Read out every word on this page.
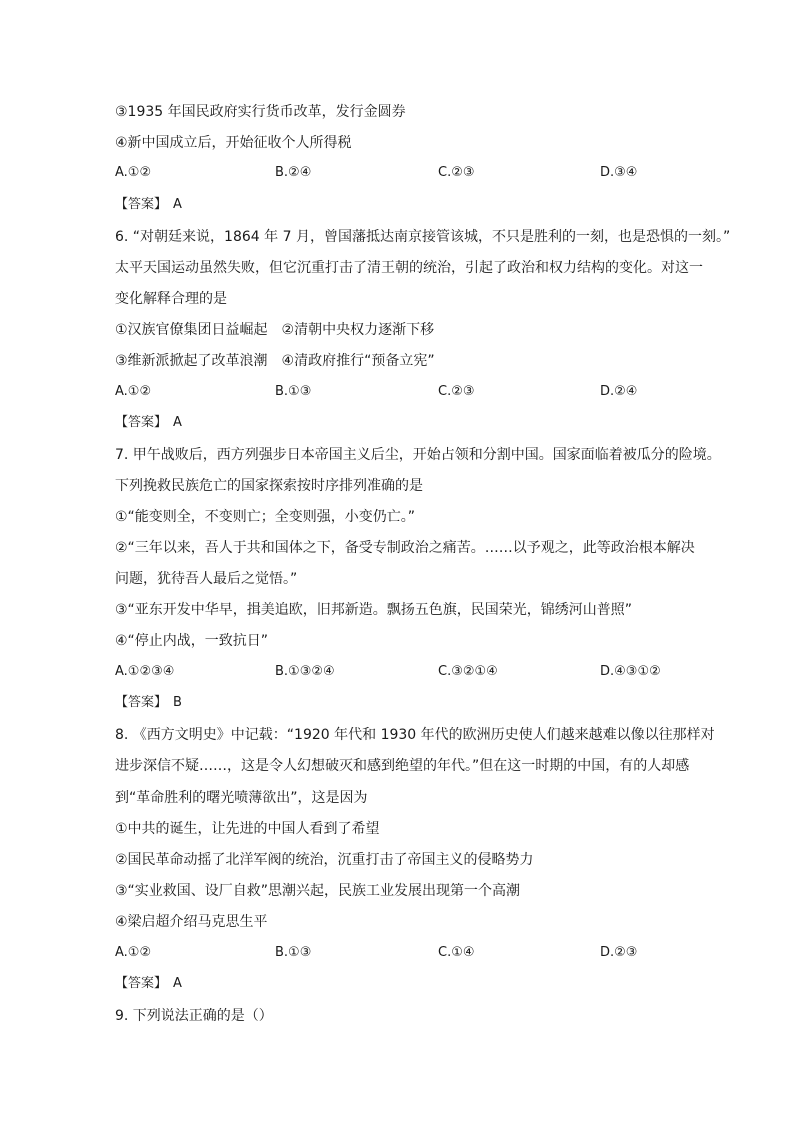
③1935 年国民政府实行货币改革，发行金圆券
④新中国成立后，开始征收个人所得税
A.①②	B.②④	C.②③	D.③④
【答案】 A
6. “对朝廷来说，1864 年 7 月，曾国藩抵达南京接管该城，不只是胜利的一刻，也是恐惧的一刻。”
太平天国运动虽然失败，但它沉重打击了清王朝的统治，引起了政治和权力结构的变化。对这一
变化解释合理的是
①汉族官僚集团日益崛起　②清朝中央权力逐渐下移
③维新派掀起了改革浪潮　④清政府推行“预备立宪”
A.①②	B.①③	C.②③	D.②④
【答案】 A
7. 甲午战败后，西方列强步日本帝国主义后尘，开始占领和分割中国。国家面临着被瓜分的险境。
下列挽救民族危亡的国家探索按时序排列准确的是
①“能变则全，不变则亡；全变则强，小变仍亡。”
②“三年以来，吾人于共和国体之下，备受专制政治之痛苦。……以予观之，此等政治根本解决
问题，犹待吾人最后之觉悟。”
③“亚东开发中华早，揖美追欧，旧邦新造。飘扬五色旗，民国荣光，锦绣河山普照”
④“停止内战，一致抗日”
A.①②③④	B.①③②④	C.③②①④	D.④③①②
【答案】 B
8. 《西方文明史》中记载：“1920 年代和 1930 年代的欧洲历史使人们越来越难以像以往那样对
进步深信不疑……，这是令人幻想破灭和感到绝望的年代。”但在这一时期的中国，有的人却感
到“革命胜利的曙光喷薄欲出”，这是因为
①中共的诞生，让先进的中国人看到了希望
②国民革命动摇了北洋军阀的统治，沉重打击了帝国主义的侵略势力
③“实业救国、设厂自救”思潮兴起，民族工业发展出现第一个高潮
④梁启超介绍马克思生平
A.①②	B.①③	C.①④	D.②③
【答案】 A
9. 下列说法正确的是（）
